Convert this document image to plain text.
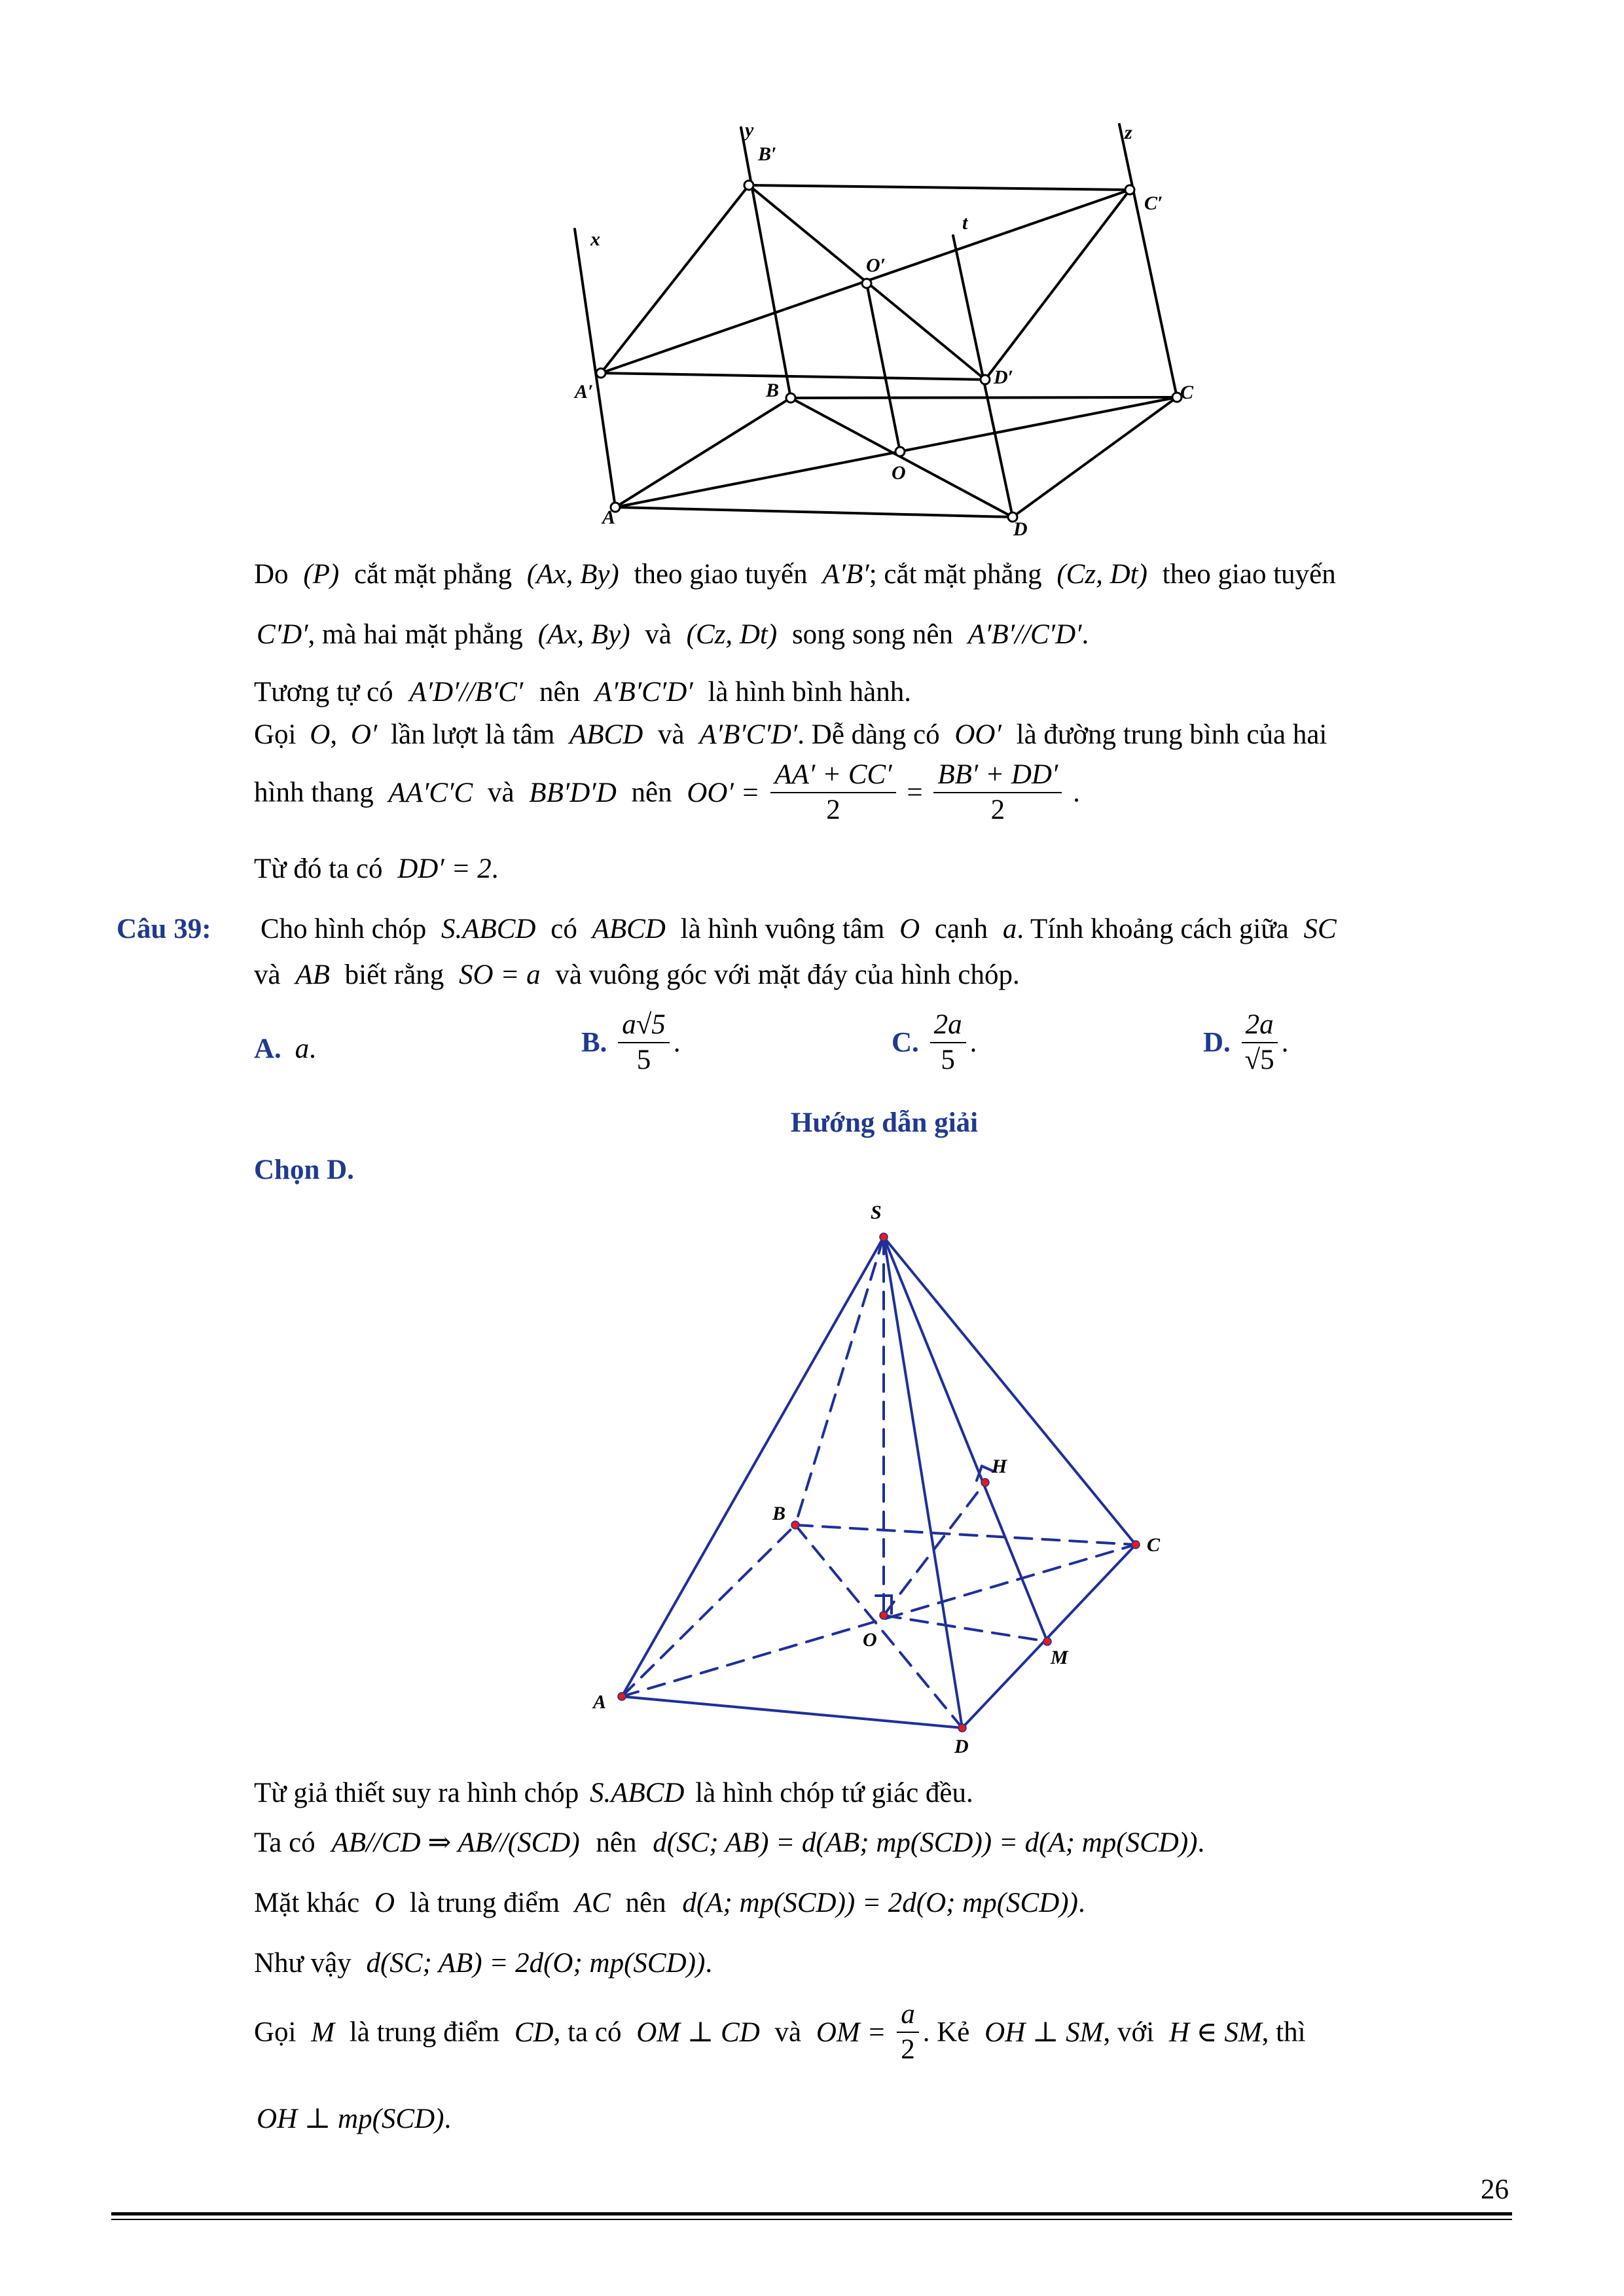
y
B′
z
C′
x
t
O′
A′	B
D′
C
O
A
D
Do (P) cắt mặt phẳng (Ax, By) theo giao tuyến A′B′; cắt mặt phẳng (Cz, Dt) theo giao tuyến
C′D′, mà hai mặt phẳng (Ax, By) và (Cz, Dt) song song nên A′B′//C′D′.
Tương tự có A′D′//B′C′ nên A′B′C′D′ là hình bình hành.
Gọi O, O′ lần lượt là tâm ABCD và A′B′C′D′. Dễ dàng có OO′ là đường trung bình của hai
hình thang AA′C′C và BB′D′D nên $OO' = \frac{AA' + CC'}{2} = \frac{BB' + DD'}{2}$ .
Từ đó ta có DD′ = 2.
Câu 39: Cho hình chóp S.ABCD có ABCD là hình vuông tâm O cạnh a. Tính khoảng cách giữa SC
và AB biết rằng SO = a và vuông góc với mặt đáy của hình chóp.
A. a.	B. $\frac{a√5}{5}$ .	C. $\frac{2a}{5}$ .	D. $\frac{2a}{√5}$ .
Hướng dẫn giải
Chọn D.
S
H
B
C
O
M
A
D
Từ giả thiết suy ra hình chóp S.ABCD là hình chóp tứ giác đều.
Ta có AB//CD ⇒ AB//(SCD) nên d(SC; AB) = d(AB; mp(SCD)) = d(A; mp(SCD)).
Mặt khác O là trung điểm AC nên d(A; mp(SCD)) = 2d(O; mp(SCD)).
Như vậy d(SC; AB) = 2d(O; mp(SCD)).
Gọi M là trung điểm CD, ta có OM ⊥ CD và OM = $\frac{a}{2}$ . Kẻ OH ⊥ SM, với H ∈ SM, thì
OH ⊥ mp(SCD).
26
